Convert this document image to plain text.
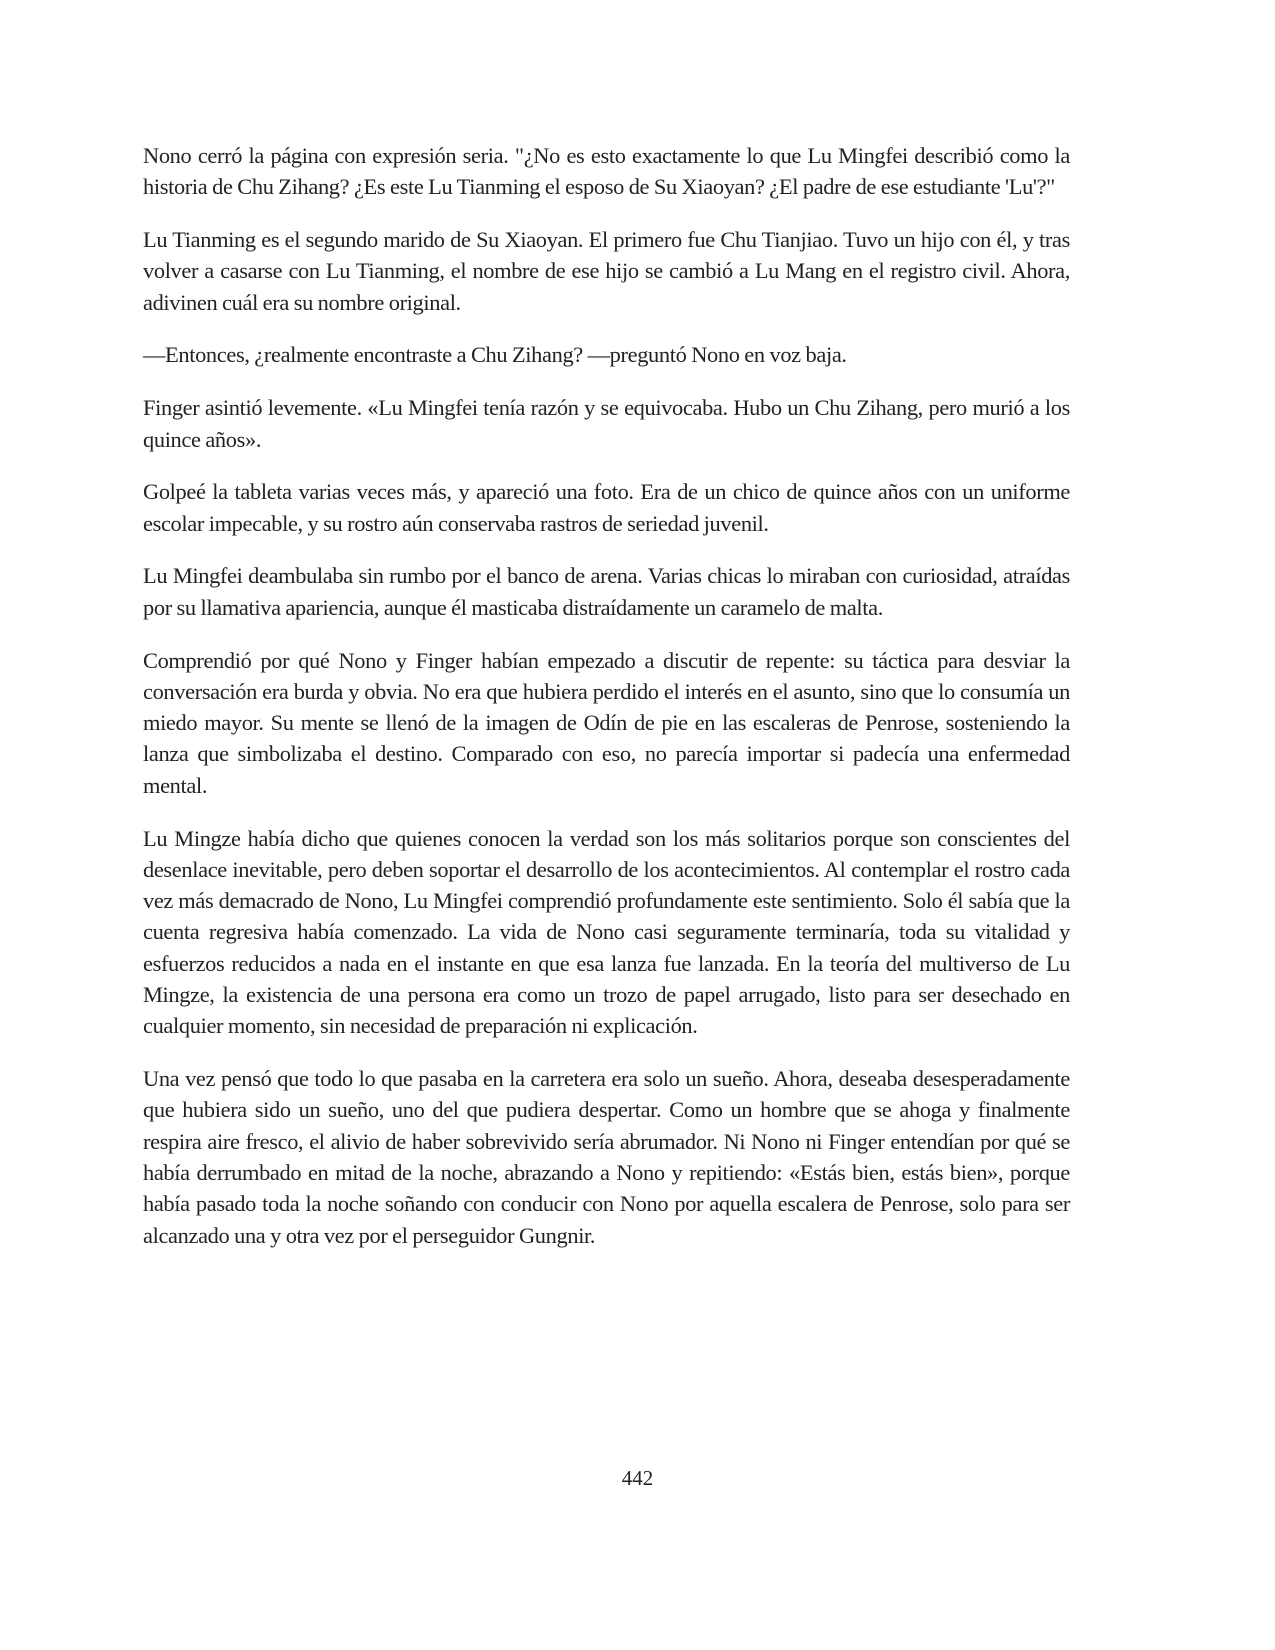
Nono cerró la página con expresión seria. "¿No es esto exactamente lo que Lu Mingfei describió como la historia de Chu Zihang? ¿Es este Lu Tianming el esposo de Su Xiaoyan? ¿El padre de ese estudiante 'Lu'?"

Lu Tianming es el segundo marido de Su Xiaoyan. El primero fue Chu Tianjiao. Tuvo un hijo con él, y tras volver a casarse con Lu Tianming, el nombre de ese hijo se cambió a Lu Mang en el registro civil. Ahora, adivinen cuál era su nombre original.

—Entonces, ¿realmente encontraste a Chu Zihang? —preguntó Nono en voz baja.

Finger asintió levemente. «Lu Mingfei tenía razón y se equivocaba. Hubo un Chu Zihang, pero murió a los quince años».

Golpeé la tableta varias veces más, y apareció una foto. Era de un chico de quince años con un uniforme escolar impecable, y su rostro aún conservaba rastros de seriedad juvenil.

Lu Mingfei deambulaba sin rumbo por el banco de arena. Varias chicas lo miraban con curiosidad, atraídas por su llamativa apariencia, aunque él masticaba distraídamente un caramelo de malta.

Comprendió por qué Nono y Finger habían empezado a discutir de repente: su táctica para desviar la conversación era burda y obvia. No era que hubiera perdido el interés en el asunto, sino que lo consumía un miedo mayor. Su mente se llenó de la imagen de Odín de pie en las escaleras de Penrose, sosteniendo la lanza que simbolizaba el destino. Comparado con eso, no parecía importar si padecía una enfermedad mental.

Lu Mingze había dicho que quienes conocen la verdad son los más solitarios porque son conscientes del desenlace inevitable, pero deben soportar el desarrollo de los acontecimientos. Al contemplar el rostro cada vez más demacrado de Nono, Lu Mingfei comprendió profundamente este sentimiento. Solo él sabía que la cuenta regresiva había comenzado. La vida de Nono casi seguramente terminaría, toda su vitalidad y esfuerzos reducidos a nada en el instante en que esa lanza fue lanzada. En la teoría del multiverso de Lu Mingze, la existencia de una persona era como un trozo de papel arrugado, listo para ser desechado en cualquier momento, sin necesidad de preparación ni explicación.

Una vez pensó que todo lo que pasaba en la carretera era solo un sueño. Ahora, deseaba desesperadamente que hubiera sido un sueño, uno del que pudiera despertar. Como un hombre que se ahoga y finalmente respira aire fresco, el alivio de haber sobrevivido sería abrumador. Ni Nono ni Finger entendían por qué se había derrumbado en mitad de la noche, abrazando a Nono y repitiendo: «Estás bien, estás bien», porque había pasado toda la noche soñando con conducir con Nono por aquella escalera de Penrose, solo para ser alcanzado una y otra vez por el perseguidor Gungnir.

442
